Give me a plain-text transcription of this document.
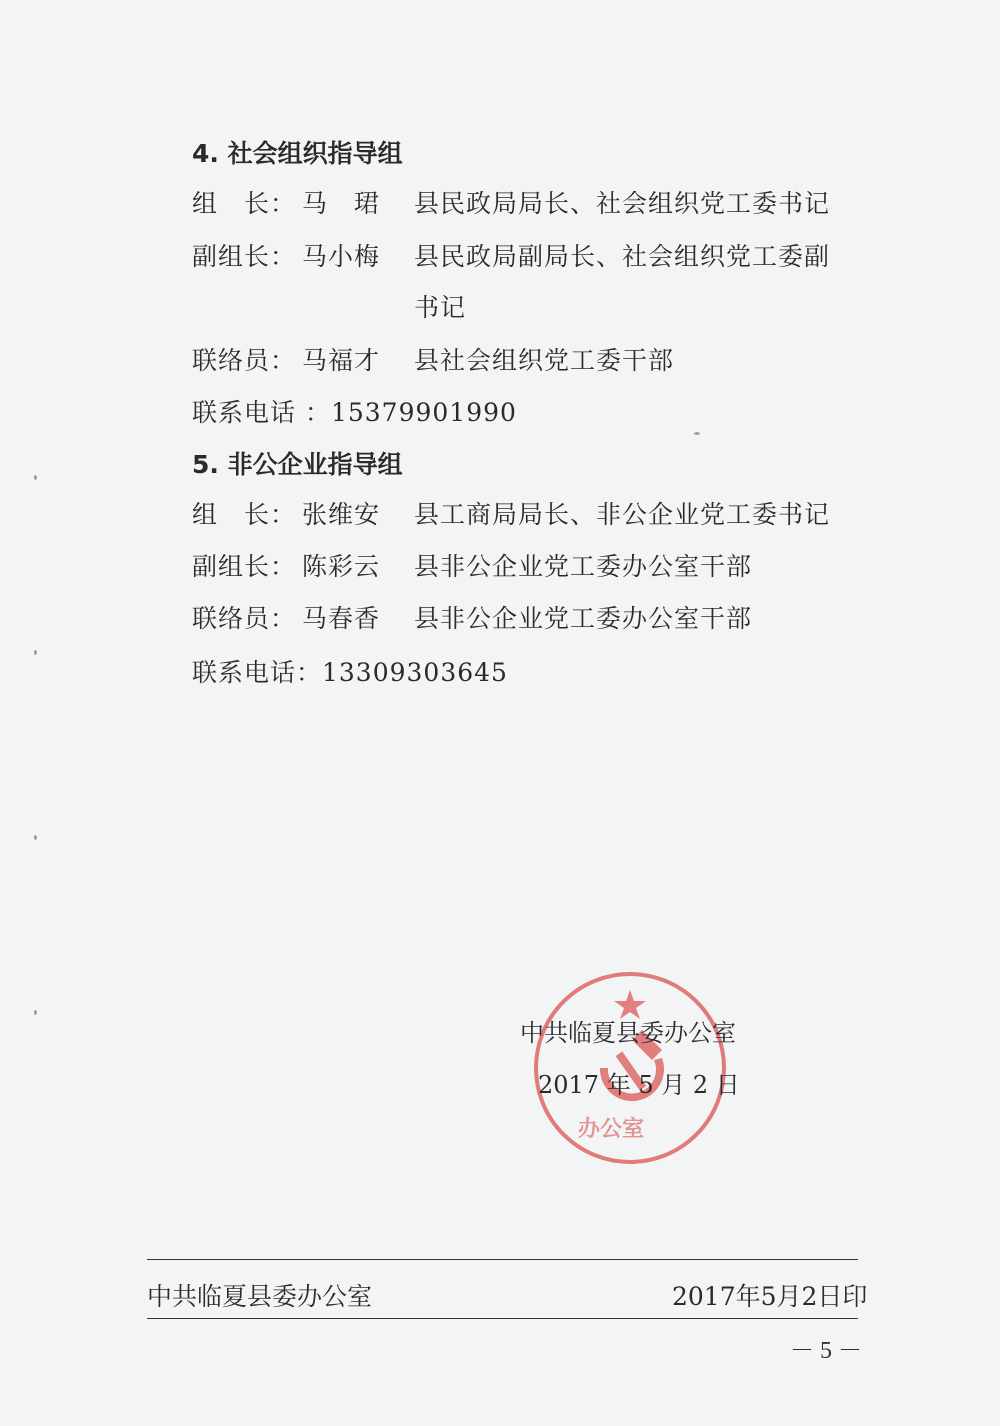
4. 社会组织指导组
组　长： 马　珺 县民政局局长、社会组织党工委书记
副组长： 马小梅 县民政局副局长、社会组织党工委副
书记
联络员： 马福才 县社会组织党工委干部
联系电话 ：15379901990
5. 非公企业指导组
组　长： 张维安 县工商局局长、非公企业党工委书记
副组长： 陈彩云 县非公企业党工委办公室干部
联络员： 马春香 县非公企业党工委办公室干部
联系电话：13309303645
办公室
中共临夏县委办公室
2017 年 5 月 2 日
中共临夏县委办公室	2017年5月2日印
－ 5 －
